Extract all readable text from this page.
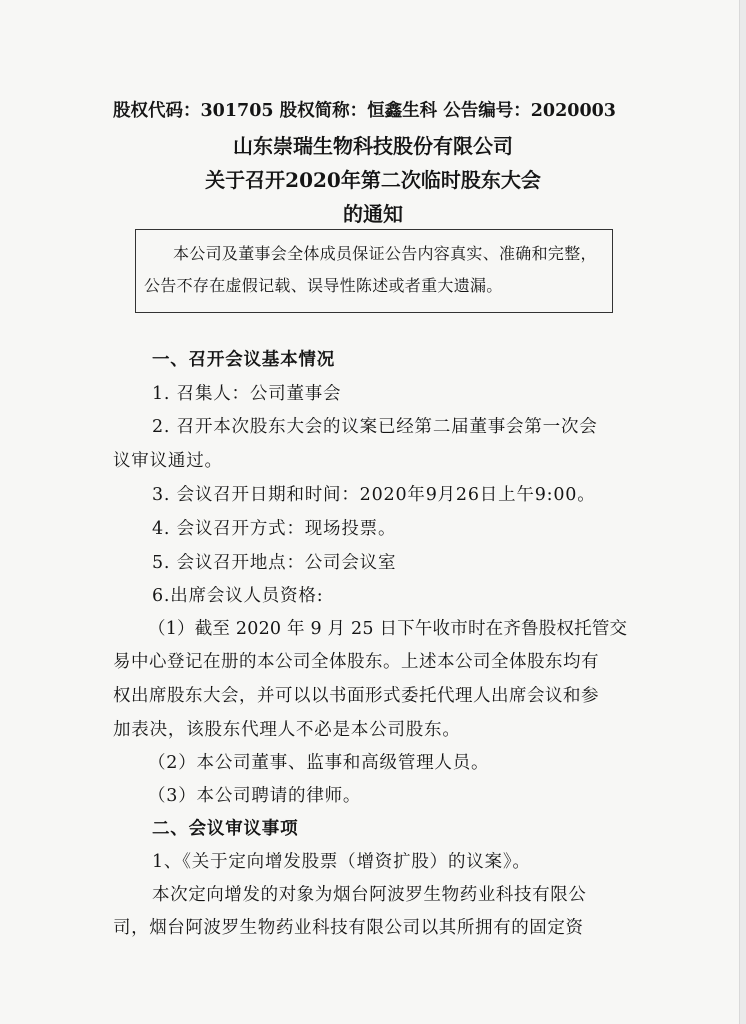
股权代码：301705 股权简称：恒鑫生科 公告编号：2020003
山东崇瑞生物科技股份有限公司
关于召开2020年第二次临时股东大会
的通知
本公司及董事会全体成员保证公告内容真实、准确和完整，
公告不存在虚假记载、误导性陈述或者重大遗漏。
一、召开会议基本情况
1. 召集人：公司董事会
2. 召开本次股东大会的议案已经第二届董事会第一次会
议审议通过。
3. 会议召开日期和时间：2020年9月26日上午9:00。
4. 会议召开方式：现场投票。
5. 会议召开地点：公司会议室
6.出席会议人员资格:
（1）截至 2020 年 9 月 25 日下午收市时在齐鲁股权托管交
易中心登记在册的本公司全体股东。上述本公司全体股东均有
权出席股东大会，并可以以书面形式委托代理人出席会议和参
加表决，该股东代理人不必是本公司股东。
（2）本公司董事、监事和高级管理人员。
（3）本公司聘请的律师。
二、会议审议事项
1、《关于定向增发股票（增资扩股）的议案》。
本次定向增发的对象为烟台阿波罗生物药业科技有限公
司，烟台阿波罗生物药业科技有限公司以其所拥有的固定资
